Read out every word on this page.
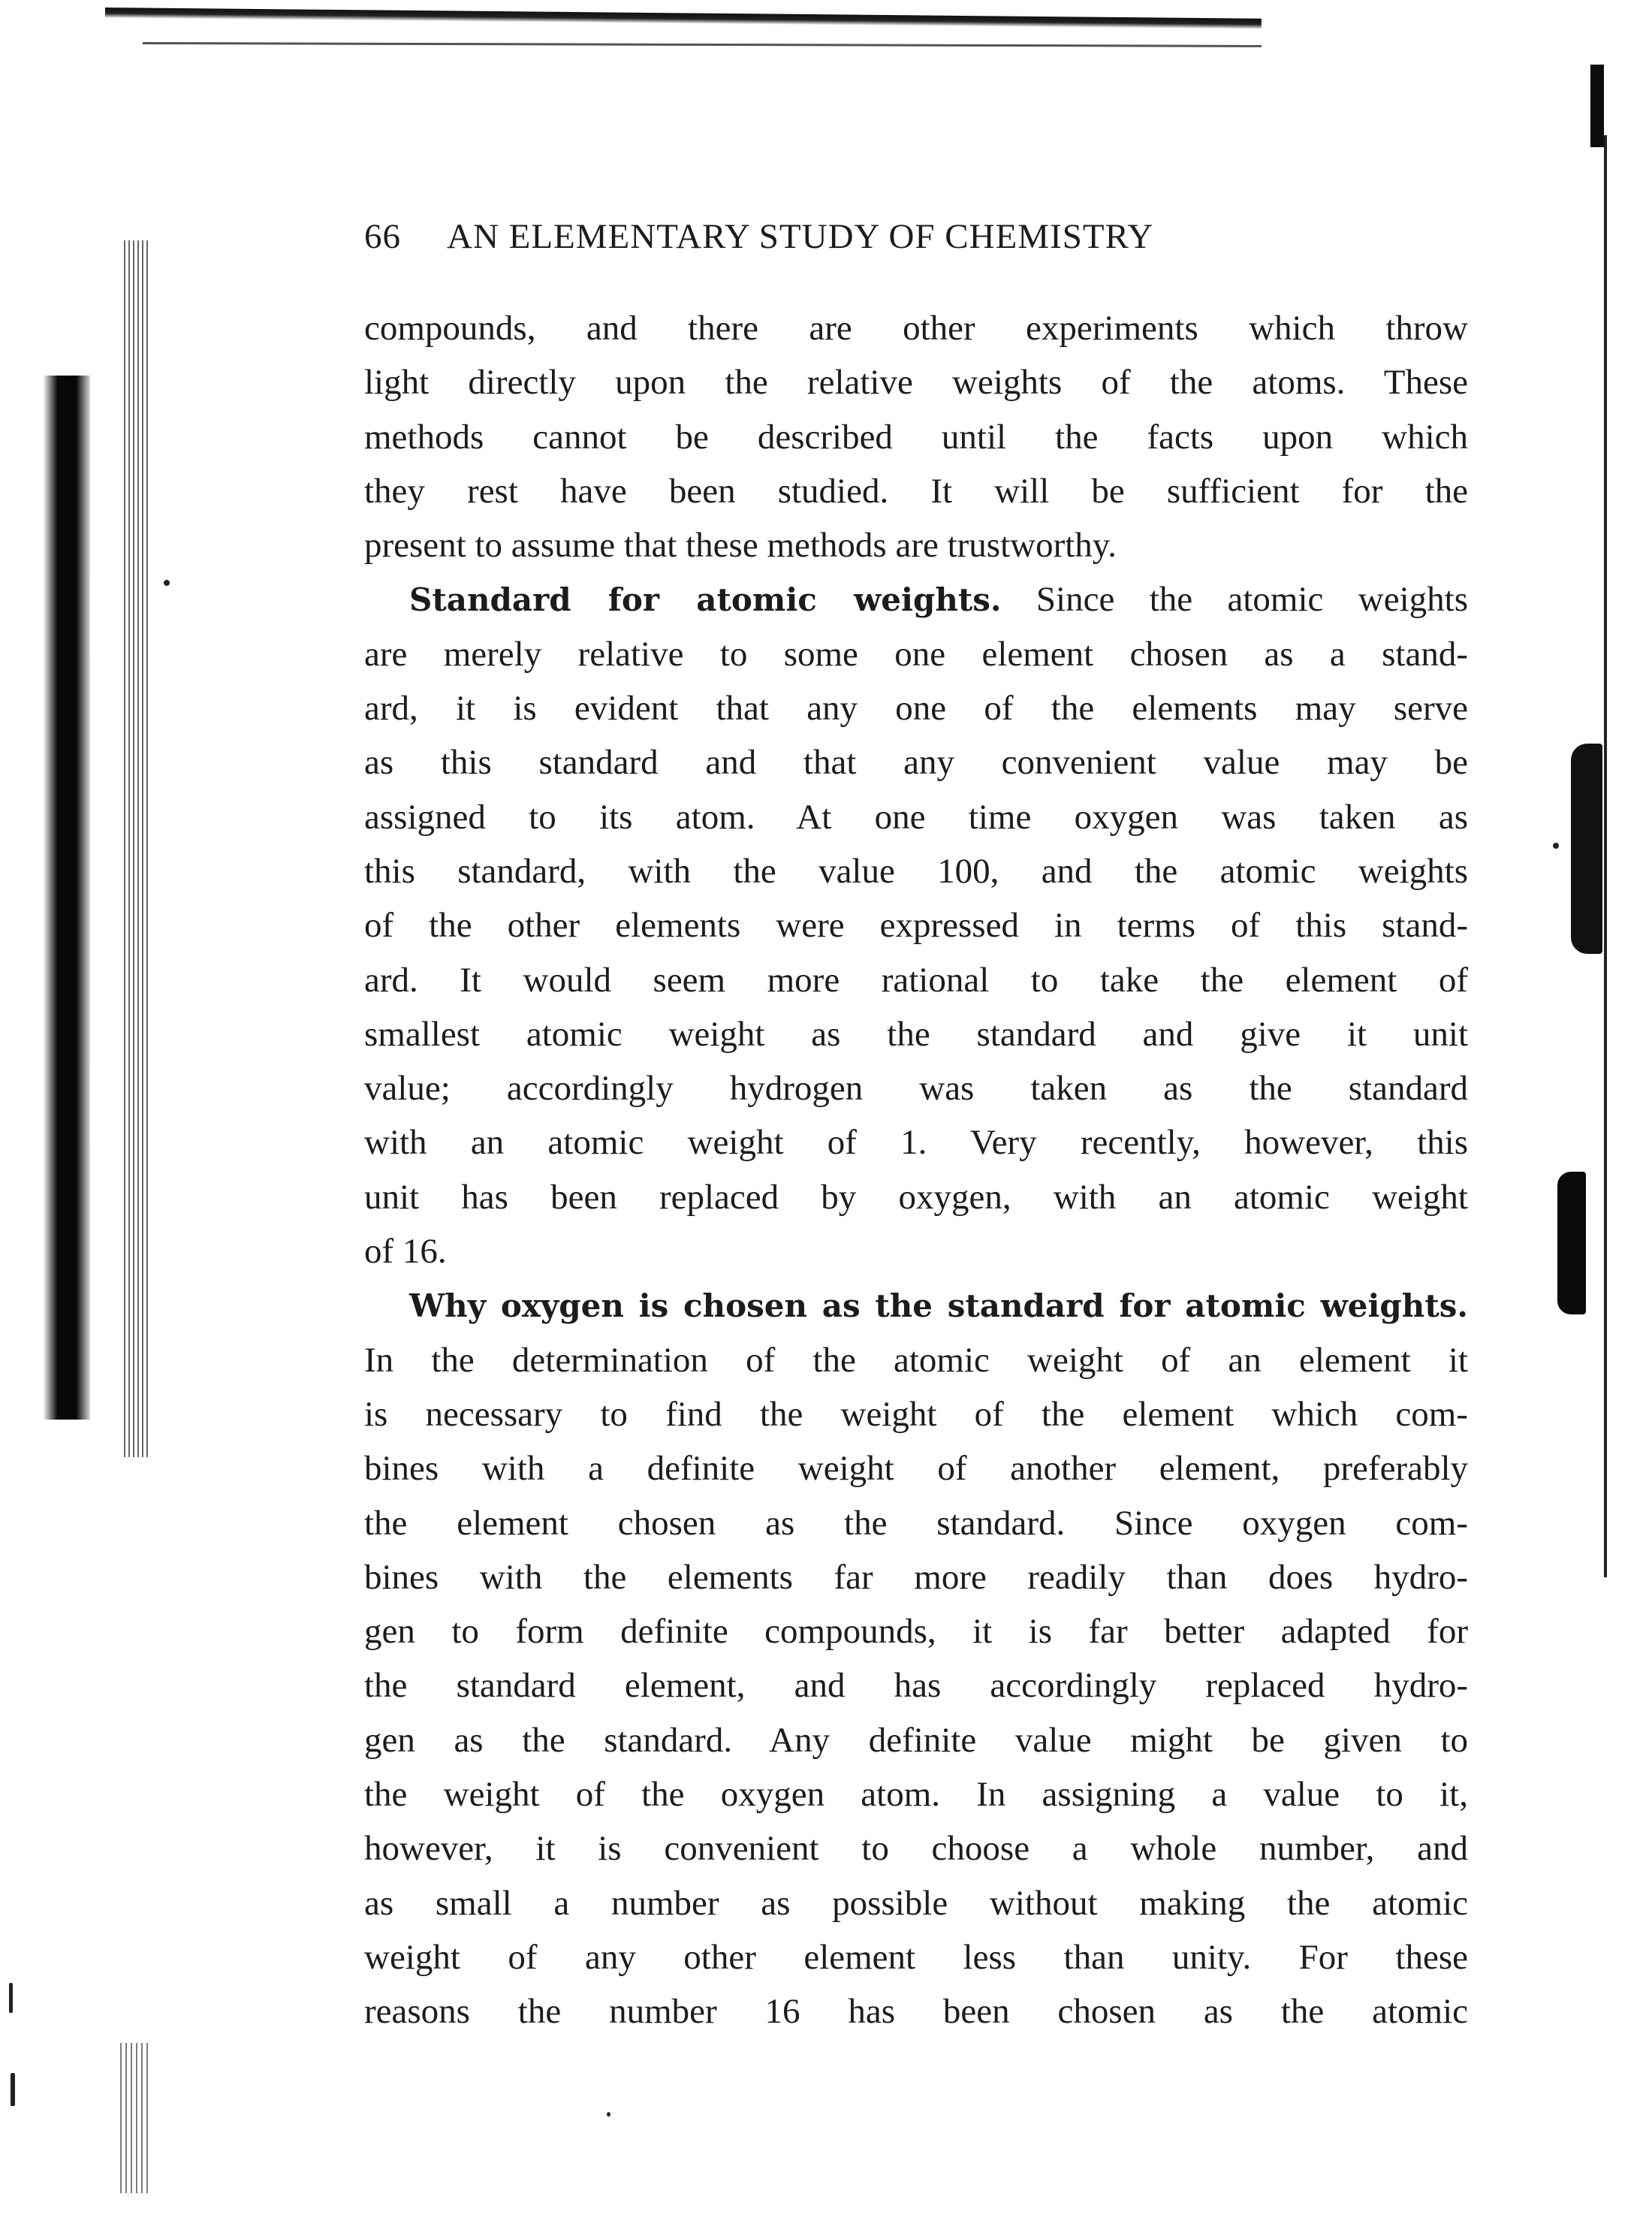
66 AN ELEMENTARY STUDY OF CHEMISTRY
compounds, and there are other experiments which throw
light directly upon the relative weights of the atoms. These
methods cannot be described until the facts upon which
they rest have been studied. It will be sufficient for the
present to assume that these methods are trustworthy.
Standard for atomic weights. Since the atomic weights
are merely relative to some one element chosen as a stand-
ard, it is evident that any one of the elements may serve
as this standard and that any convenient value may be
assigned to its atom. At one time oxygen was taken as
this standard, with the value 100, and the atomic weights
of the other elements were expressed in terms of this stand-
ard. It would seem more rational to take the element of
smallest atomic weight as the standard and give it unit
value; accordingly hydrogen was taken as the standard
with an atomic weight of 1. Very recently, however, this
unit has been replaced by oxygen, with an atomic weight
of 16.
Why oxygen is chosen as the standard for atomic weights.
In the determination of the atomic weight of an element it
is necessary to find the weight of the element which com-
bines with a definite weight of another element, preferably
the element chosen as the standard. Since oxygen com-
bines with the elements far more readily than does hydro-
gen to form definite compounds, it is far better adapted for
the standard element, and has accordingly replaced hydro-
gen as the standard. Any definite value might be given to
the weight of the oxygen atom. In assigning a value to it,
however, it is convenient to choose a whole number, and
as small a number as possible without making the atomic
weight of any other element less than unity. For these
reasons the number 16 has been chosen as the atomic
